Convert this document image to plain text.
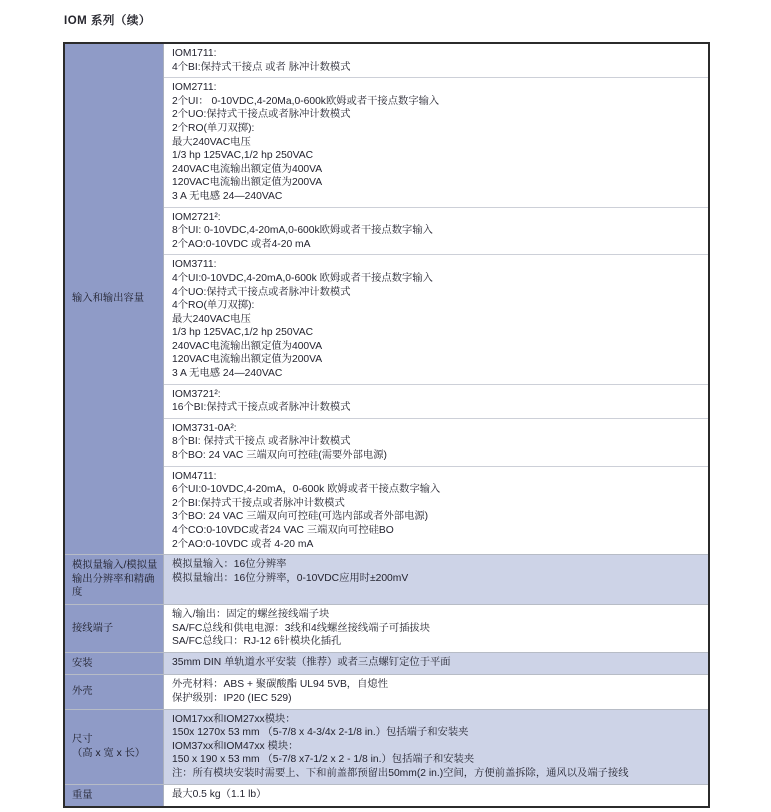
IOM 系列（续）
输入和输出容量
IOM1711:
4个BI:保持式干接点 或者 脉冲计数模式
IOM2711:
2个UI： 0-10VDC,4-20Ma,0-600k欧姆或者干接点数字输入
2个UO:保持式干接点或者脉冲计数模式
2个RO(单刀双掷):
最大240VAC电压
1/3 hp 125VAC,1/2 hp 250VAC
240VAC电流输出额定值为400VA
120VAC电流输出额定值为200VA
3 A 无电感 24—240VAC
IOM2721²:
8个UI: 0-10VDC,4-20mA,0-600k欧姆或者干接点数字输入
2个AO:0-10VDC 或者4-20 mA
IOM3711:
4个UI:0-10VDC,4-20mA,0-600k 欧姆或者干接点数字输入
4个UO:保持式干接点或者脉冲计数模式
4个RO(单刀双掷):
最大240VAC电压
1/3 hp 125VAC,1/2 hp 250VAC
240VAC电流输出额定值为400VA
120VAC电流输出额定值为200VA
3 A 无电感 24—240VAC
IOM3721²:
16个BI:保持式干接点或者脉冲计数模式
IOM3731-0A²:
8个BI: 保持式干接点 或者脉冲计数模式
8个BO: 24 VAC 三端双向可控硅(需要外部电源)
IOM4711:
6个UI:0-10VDC,4-20mA，0-600k 欧姆或者干接点数字输入
2个BI:保持式干接点或者脉冲计数模式
3个BO: 24 VAC 三端双向可控硅(可选内部或者外部电源)
4个CO:0-10VDC或者24 VAC 三端双向可控硅BO
2个AO:0-10VDC 或者 4-20 mA
模拟量输入/模拟量输出分辨率和精确度
模拟量输入：16位分辨率
模拟量输出：16位分辨率，0-10VDC应用时±200mV
接线端子
输入/输出：固定的螺丝接线端子块
SA/FC总线和供电电源：3线和4线螺丝接线端子可插拔块
SA/FC总线口：RJ-12 6针模块化插孔
安装	35mm DIN 单轨道水平安装（推荐）或者三点螺钉定位于平面
外壳
外壳材料：ABS + 聚碳酸酯 UL94 5VB，自熄性
保护级别：IP20 (IEC 529)
尺寸
（高 x 宽 x 长）
IOM17xx和IOM27xx模块：
150x 1270x 53 mm （5-7/8 x 4-3/4x 2-1/8 in.）包括端子和安装夹
IOM37xx和IOM47xx 模块：
150 x 190 x 53 mm （5-7/8 x7-1/2 x 2 - 1/8 in.）包括端子和安装夹
注：所有模块安装时需要上、下和前盖都预留出50mm(2 in.)空间，方便前盖拆除，通风以及端子接线
重量	最大0.5 kg（1.1 lb）
